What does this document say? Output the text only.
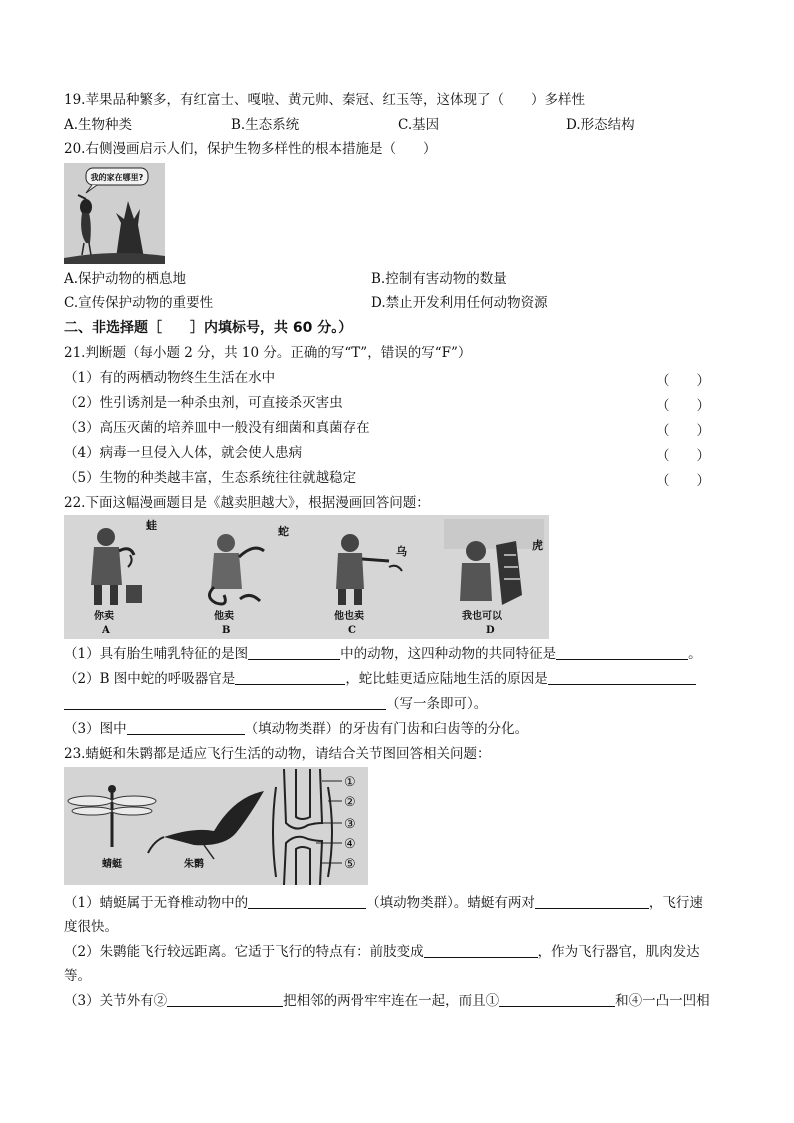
19.苹果品种繁多，有红富士、嘎啦、黄元帅、秦冠、红玉等，这体现了（　　）多样性
A.生物种类	B.生态系统	C.基因	D.形态结构
20.右侧漫画启示人们，保护生物多样性的根本措施是（　　）
我的家在哪里?
A.保护动物的栖息地	B.控制有害动物的数量
C.宣传保护动物的重要性	D.禁止开发利用任何动物资源
二、非选择题［　　］内填标号，共 60 分。）
21.判断题（每小题 2 分，共 10 分。正确的写“T”，错误的写“F”）
（1）有的两栖动物终生生活在水中	（　　）
（2）性引诱剂是一种杀虫剂，可直接杀灭害虫	（　　）
（3）高压灭菌的培养皿中一般没有细菌和真菌存在	（　　）
（4）病毒一旦侵入人体，就会使人患病	（　　）
（5）生物的种类越丰富，生态系统往往就越稳定	（　　）
22.下面这幅漫画题目是《越卖胆越大》，根据漫画回答问题：
蛙
你卖
A
蛇
他卖
B
乌
他也卖
C
虎
我也可以
D
（1）具有胎生哺乳特征的是图	中的动物，这四种动物的共同特征是	。
（2）B 图中蛇的呼吸器官是	，蛇比蛙更适应陆地生活的原因是
（写一条即可）。
（3）图中	（填动物类群）的牙齿有门齿和臼齿等的分化。
23.蜻蜓和朱鹮都是适应飞行生活的动物，请结合关节图回答相关问题：
蜻蜓	朱鹮
①
②
③
④
⑤
（1）蜻蜓属于无脊椎动物中的	（填动物类群）。蜻蜓有两对	，飞行速
度很快。
（2）朱鹮能飞行较远距离。它适于飞行的特点有：前肢变成	，作为飞行器官，肌肉发达
等。
（3）关节外有②	把相邻的两骨牢牢连在一起，而且①	和④一凸一凹相
